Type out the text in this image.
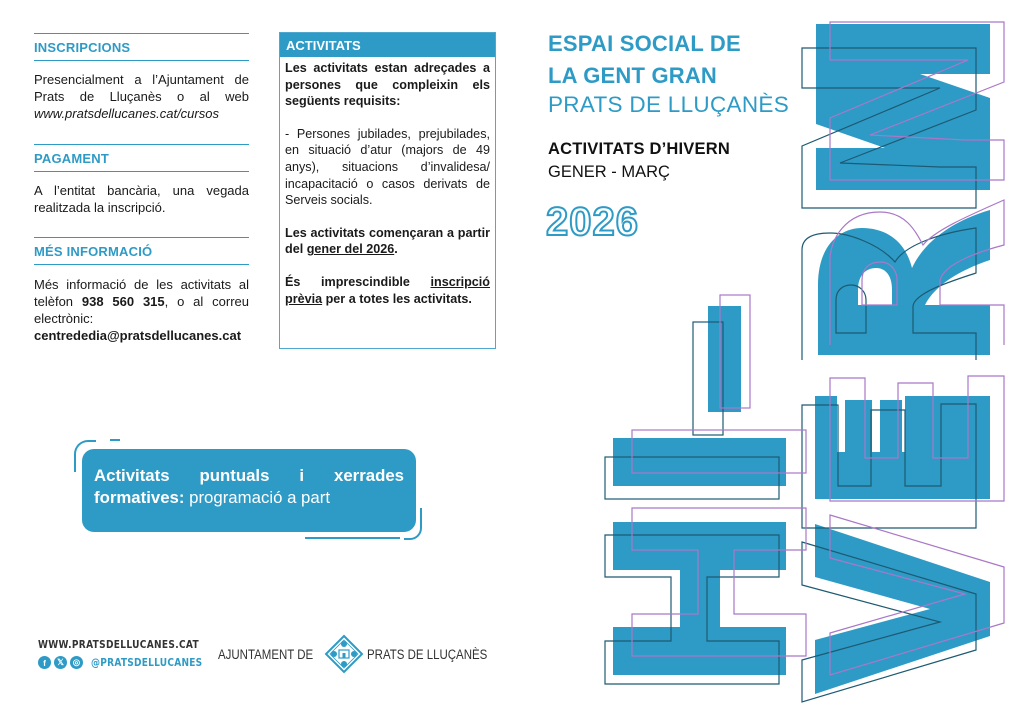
INSCRIPCIONS
Presencialment a l’Ajuntament de Prats de Lluçanès o al web www.pratsdellucanes.cat/cursos
PAGAMENT
A l’entitat bancària, una vegada realitzada la inscripció.
MÉS INFORMACIÓ
Més informació de les activitats al telèfon 938 560 315, o al correu electrònic:
centrededia@pratsdellucanes.cat
ACTIVITATS

Les activitats estan adreçades a persones que compleixin els següents requisits:

- Persones jubilades, prejubilades, en situació d’atur (majors de 49 anys), situacions d’invalidesa/ incapacitació o casos derivats de Serveis socials.

Les activitats començaran a partir del gener del 2026.

És imprescindible inscripció prèvia per a totes les activitats.

Activitats puntuals i xerrades formatives: programació a part
WWW.PRATSDELLUCANES.CAT
f	𝕏	◎ @PRATSDELLUCANES
AJUNTAMENT DE	PRATS DE LLUÇANÈS
ESPAI SOCIAL DE
LA GENT GRAN
PRATS DE LLUÇANÈS
ACTIVITATS D’HIVERN
GENER - MARÇ
2026
